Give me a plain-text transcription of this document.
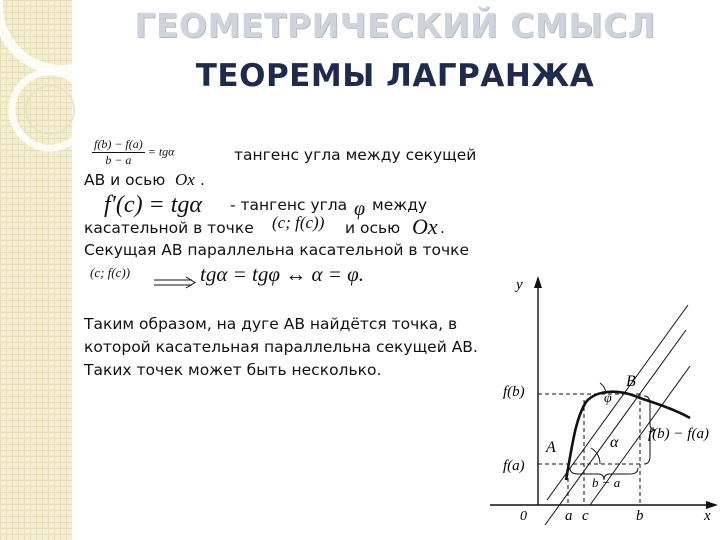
ГЕОМЕТРИЧЕСКИЙ СМЫСЛ
ТЕОРЕМЫ ЛАГРАНЖА
$\frac{f(b) - f(a)}{b - a} = tg\alpha$	тангенс угла между секущей
AB и осью Ox .
f′(c) = tgα - тангенс угла φ между
касательной в точке (c; f(c)) и осью Ox .
Секущая AB параллельна касательной в точке
(c; f(c))	tgα = tgφ ↔ α = φ.
Таким образом, на дуге AB найдётся точка, в
которой касательная параллельна секущей AB.
Таких точек может быть несколько.
y
x
0
f(b)
f(a)
A
B
α
φ
f(b) − f(a)
b − a
a c	b
